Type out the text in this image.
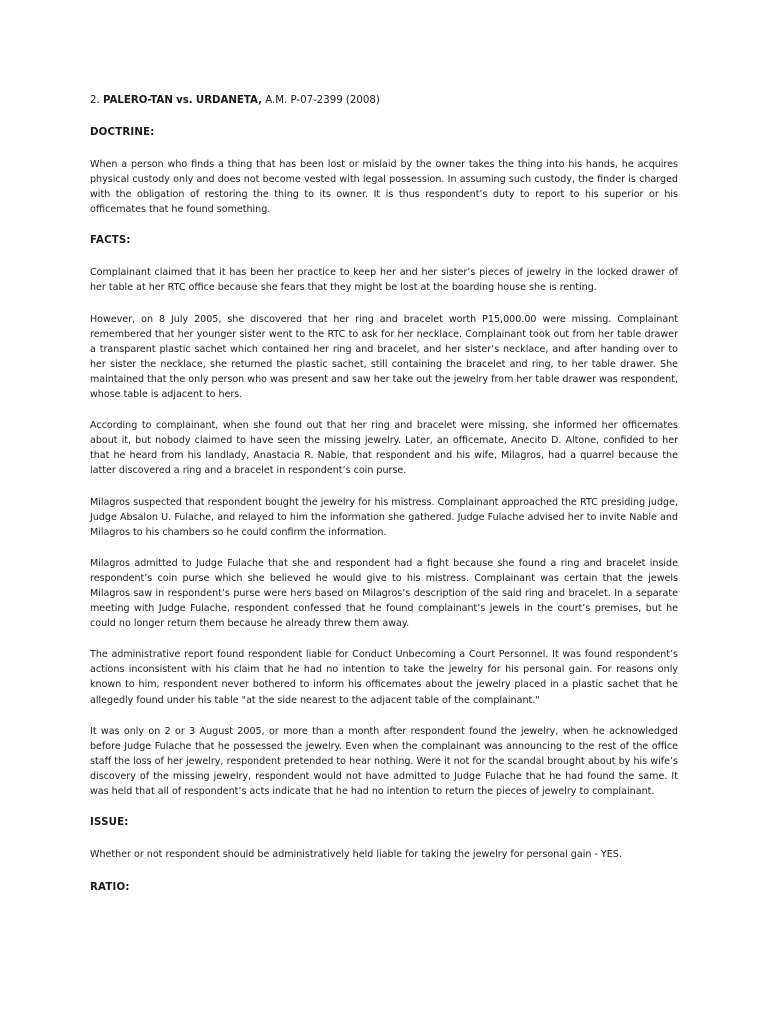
2. PALERO-TAN vs. URDANETA, A.M. P-07-2399 (2008)

DOCTRINE:

When a person who finds a thing that has been lost or mislaid by the owner takes the thing into his hands, he acquires physical custody only and does not become vested with legal possession. In assuming such custody, the finder is charged with the obligation of restoring the thing to its owner. It is thus respondent’s duty to report to his superior or his officemates that he found something.

FACTS:

Complainant claimed that it has been her practice to keep her and her sister’s pieces of jewelry in the locked drawer of her table at her RTC office because she fears that they might be lost at the boarding house she is renting.

However, on 8 July 2005, she discovered that her ring and bracelet worth P15,000.00 were missing. Complainant remembered that her younger sister went to the RTC to ask for her necklace. Complainant took out from her table drawer a transparent plastic sachet which contained her ring and bracelet, and her sister’s necklace, and after handing over to her sister the necklace, she returned the plastic sachet, still containing the bracelet and ring, to her table drawer. She maintained that the only person who was present and saw her take out the jewelry from her table drawer was respondent, whose table is adjacent to hers.

According to complainant, when she found out that her ring and bracelet were missing, she informed her officemates about it, but nobody claimed to have seen the missing jewelry. Later, an officemate, Anecito D. Altone, confided to her that he heard from his landlady, Anastacia R. Nable, that respondent and his wife, Milagros, had a quarrel because the latter discovered a ring and a bracelet in respondent’s coin purse.

Milagros suspected that respondent bought the jewelry for his mistress. Complainant approached the RTC presiding judge, Judge Absalon U. Fulache, and relayed to him the information she gathered. Judge Fulache advised her to invite Nable and Milagros to his chambers so he could confirm the information.

Milagros admitted to Judge Fulache that she and respondent had a fight because she found a ring and bracelet inside respondent’s coin purse which she believed he would give to his mistress. Complainant was certain that the jewels Milagros saw in respondent’s purse were hers based on Milagros’s description of the said ring and bracelet. In a separate meeting with Judge Fulache, respondent confessed that he found complainant’s jewels in the court’s premises, but he could no longer return them because he already threw them away.

The administrative report found respondent liable for Conduct Unbecoming a Court Personnel. It was found respondent’s actions inconsistent with his claim that he had no intention to take the jewelry for his personal gain. For reasons only known to him, respondent never bothered to inform his officemates about the jewelry placed in a plastic sachet that he allegedly found under his table "at the side nearest to the adjacent table of the complainant."

It was only on 2 or 3 August 2005, or more than a month after respondent found the jewelry, when he acknowledged before Judge Fulache that he possessed the jewelry. Even when the complainant was announcing to the rest of the office staff the loss of her jewelry, respondent pretended to hear nothing. Were it not for the scandal brought about by his wife’s discovery of the missing jewelry, respondent would not have admitted to Judge Fulache that he had found the same. It was held that all of respondent’s acts indicate that he had no intention to return the pieces of jewelry to complainant.

ISSUE:

Whether or not respondent should be administratively held liable for taking the jewelry for personal gain - YES.

RATIO:
